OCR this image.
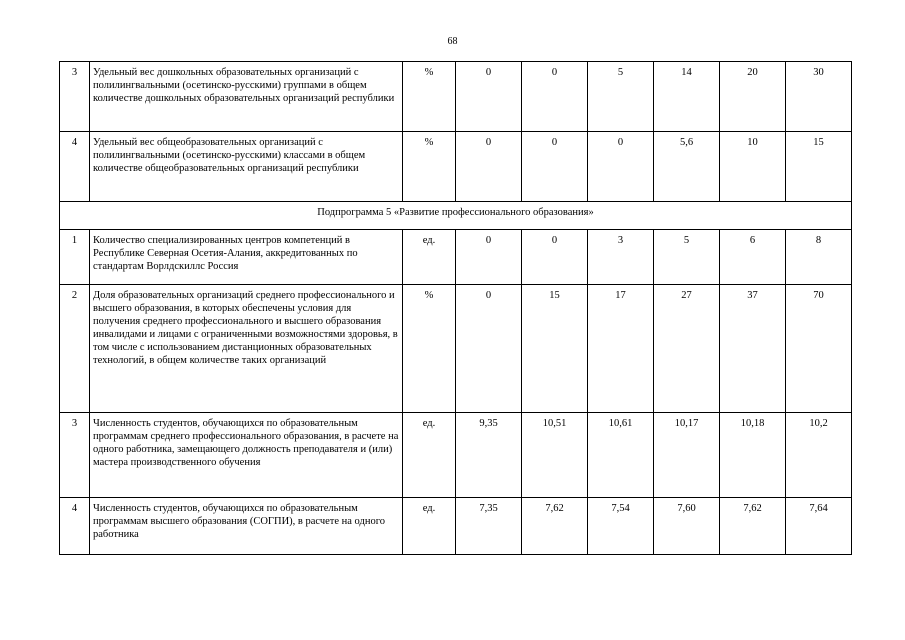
68
3	Удельный вес дошкольных образовательных организаций с полилингвальными (осетинско-русскими) группами в общем количестве дошкольных образовательных организаций республики	%	0	0	5	14	20	30
4	Удельный вес общеобразовательных организаций с полилингвальными (осетинско-русскими) классами в общем количестве общеобразовательных организаций республики	%	0	0	0	5,6	10	15
Подпрограмма 5 «Развитие профессионального образования»								
1	Количество специализированных центров компетенций в Республике Северная Осетия-Алания, аккредитованных по стандартам Ворлдскиллс Россия	ед.	0	0	3	5	6	8
2	Доля образовательных организаций среднего профессионального и высшего образования, в которых обеспечены условия для получения среднего профессионального и высшего образования инвалидами и лицами с ограниченными возможностями здоровья, в том числе с использованием дистанционных образовательных технологий, в общем количестве таких организаций	%	0	15	17	27	37	70
3	Численность студентов, обучающихся по образовательным программам среднего профессионального образования, в расчете на одного работника, замещающего должность преподавателя и (или) мастера производственного обучения	ед.	9,35	10,51	10,61	10,17	10,18	10,2
4	Численность студентов, обучающихся по образовательным программам высшего образования (СОГПИ), в расчете на одного работника	ед.	7,35	7,62	7,54	7,60	7,62	7,64
